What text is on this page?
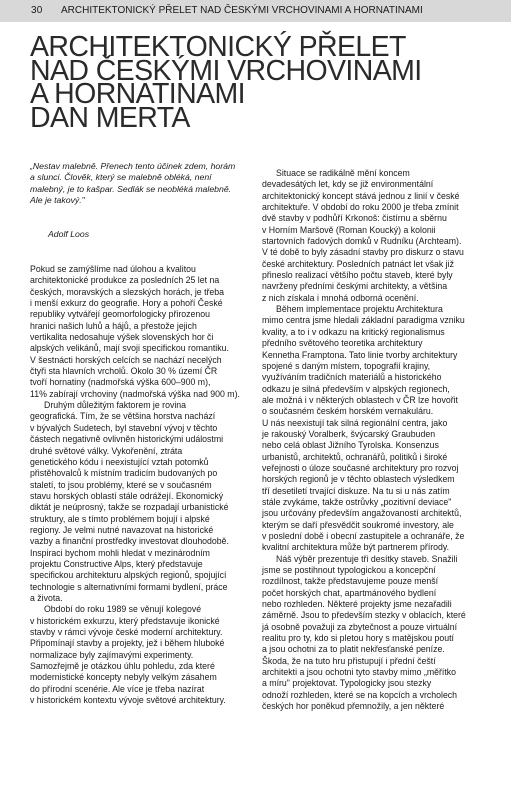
30 ARCHITEKTONICKÝ PŘELET NAD ČESKÝMI VRCHOVINAMI A HORNATINAMI
ARCHITEKTONICKÝ PŘELET
NAD ČESKÝMI VRCHOVINAMI
A HORNATINAMI
DAN MERTA
„Nestav malebně. Přenech tento účinek zdem, horám
a slunci. Člověk, který se malebně obléká, není
malebný, je to kašpar. Sedlák se neobléká malebně.
Ale je takový."
Adolf Loos
Pokud se zamýšlíme nad úlohou a kvalitou
architektonické produkce za posledních 25 let na
českých, moravských a slezských horách, je třeba
i menší exkurz do geografie. Hory a pohoří České
republiky vytvářejí geomorfologicky přirozenou
hranici našich luhů a hájů, a přestože jejich
vertikalita nedosahuje výšek slovenských hor či
alpských velikánů, mají svoji specifickou romantiku.
V šestnácti horských celcích se nachází necelých
čtyři sta hlavních vrcholů. Okolo 30 % území ČR
tvoří hornatiny (nadmořská výška 600–900 m),
11% zabírají vrchoviny (nadmořská výška nad 900 m).
Druhým důležitým faktorem je rovina
geografická. Tím, že se většina horstva nachází
v bývalých Sudetech, byl stavební vývoj v těchto
částech negativně ovlivněn historickými událostmi
druhé světové války. Vykořenění, ztráta
genetického kódu i neexistující vztah potomků
přistěhovalců k místním tradicím budovaných po
staletí, to jsou problémy, které se v současném
stavu horských oblastí stále odrážejí. Ekonomický
diktát je neúprosný, takže se rozpadají urbanistické
struktury, ale s tímto problémem bojují i alpské
regiony. Je velmi nutné navazovat na historické
vazby a finanční prostředky investovat dlouhodobě.
Inspiraci bychom mohli hledat v mezinárodním
projektu Constructive Alps, který představuje
specifickou architekturu alpských regionů, spojující
technologie s alternativními formami bydlení, práce
a života.
Období do roku 1989 se věnují kolegové
v historickém exkurzu, který představuje ikonické
stavby v rámci vývoje české moderní architektury.
Připomínají stavby a projekty, jež i během hluboké
normalizace byly zajímavými experimenty.
Samozřejmě je otázkou úhlu pohledu, zda které
modernistické koncepty nebyly velkým zásahem
do přírodní scenérie. Ale více je třeba nazírat
v historickém kontextu vývoje světové architektury.
Situace se radikálně mění koncem
devadesátých let, kdy se již environmentální
architektonický koncept stává jednou z linií v české
architektuře. V období do roku 2000 je třeba zmínit
dvě stavby v podhůří Krkonoš: čistírnu a sběrnu
v Horním Maršově (Roman Koucký) a kolonii
startovních řadových domků v Rudníku (Archteam).
V té době to byly zásadní stavby pro diskurz o stavu
české architektury. Posledních patnáct let však již
přineslo realizací většího počtu staveb, které byly
navrženy předními českými architekty, a většina
z nich získala i mnohá odborná ocenění.
Během implementace projektu Architektura
mimo centra jsme hledali základní paradigma vzniku
kvality, a to i v odkazu na kritický regionalismus
předního světového teoretika architektury
Kennetha Framptona. Tato linie tvorby architektury
spojené s daným místem, topografií krajiny,
využíváním tradičních materiálů a historického
odkazu je silná především v alpských regionech,
ale možná i v některých oblastech v ČR lze hovořit
o současném českém horském vernakuláru.
U nás neexistují tak silná regionální centra, jako
je rakouský Voralberk, švýcarský Graubuden
nebo celá oblast Jižního Tyrolska. Konsenzus
urbanistů, architektů, ochranářů, politiků i široké
veřejnosti o úloze současné architektury pro rozvoj
horských regionů je v těchto oblastech výsledkem
tří desetiletí trvající diskuze. Na tu si u nás zatím
stále zvykáme, takže ostrůvky „pozitivní deviace"
jsou určovány především angažovaností architektů,
kterým se daří přesvědčit soukromé investory, ale
v poslední době i obecní zastupitele a ochranáře, že
kvalitní architektura může být partnerem přírody.
Náš výběr prezentuje tři desítky staveb. Snažili
jsme se postihnout typologickou a koncepční
rozdílnost, takže představujeme pouze menší
počet horských chat, apartmánového bydlení
nebo rozhleden. Některé projekty jsme nezařadili
záměrně. Jsou to především stezky v oblacích, které
já osobně považuji za zbytečnost a pouze virtuální
realitu pro ty, kdo si pletou hory s matějskou poutí
a jsou ochotni za to platit nekřesťanské peníze.
Škoda, že na tuto hru přistupují i přední čeští
architekti a jsou ochotni tyto stavby mimo „měřítko
a míru" projektovat. Typologicky jsou stezky
odnoží rozhleden, které se na kopcích a vrcholech
českých hor poněkud přemnožily, a jen některé
